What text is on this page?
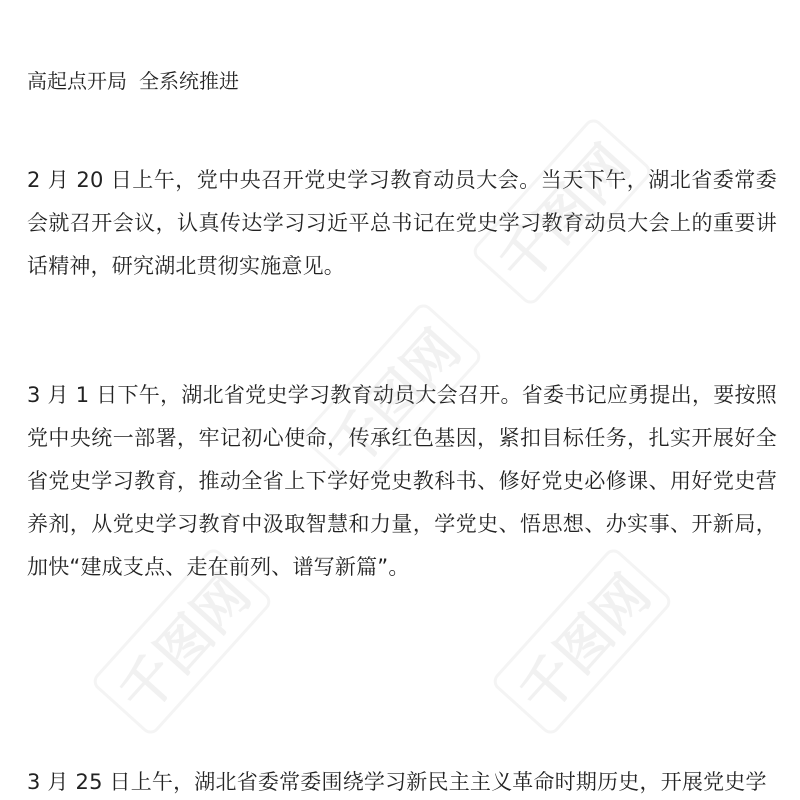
高起点开局 全系统推进

2 月 20 日上午，党中央召开党史学习教育动员大会。当天下午，湖北省委常委会就召开会议，认真传达学习习近平总书记在党史学习教育动员大会上的重要讲话精神，研究湖北贯彻实施意见。

3 月 1 日下午，湖北省党史学习教育动员大会召开。省委书记应勇提出，要按照党中央统一部署，牢记初心使命，传承红色基因，紧扣目标任务，扎实开展好全省党史学习教育，推动全省上下学好党史教科书、修好党史必修课、用好党史营养剂，从党史学习教育中汲取智慧和力量，学党史、悟思想、办实事、开新局，加快“建成支点、走在前列、谱写新篇”。

3 月 25 日上午，湖北省委常委围绕学习新民主主义革命时期历史，开展党史学

千图网
千图网
千图网
千图网
